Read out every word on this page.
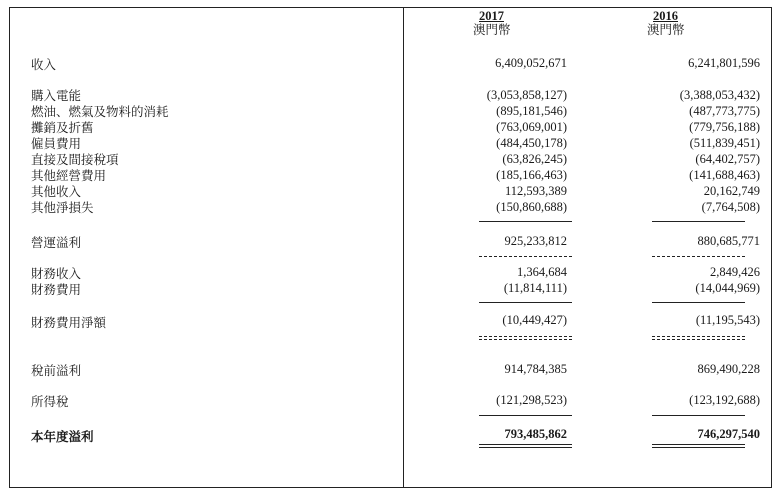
2017
澳門幣
2016
澳門幣
收入	6,409,052,671	6,241,801,596
購入電能	(3,053,858,127)	(3,388,053,432)
燃油、燃氣及物料的消耗	(895,181,546)	(487,773,775)
攤銷及折舊	(763,069,001)	(779,756,188)
僱員費用	(484,450,178)	(511,839,451)
直接及間接稅項	(63,826,245)	(64,402,757)
其他經營費用	(185,166,463)	(141,688,463)
其他收入	112,593,389	20,162,749
其他淨損失	(150,860,688)	(7,764,508)
營運溢利	925,233,812	880,685,771
財務收入	1,364,684	2,849,426
財務費用	(11,814,111)	(14,044,969)
財務費用淨額	(10,449,427)	(11,195,543)
稅前溢利	914,784,385	869,490,228
所得稅	(121,298,523)	(123,192,688)
本年度溢利	793,485,862	746,297,540
